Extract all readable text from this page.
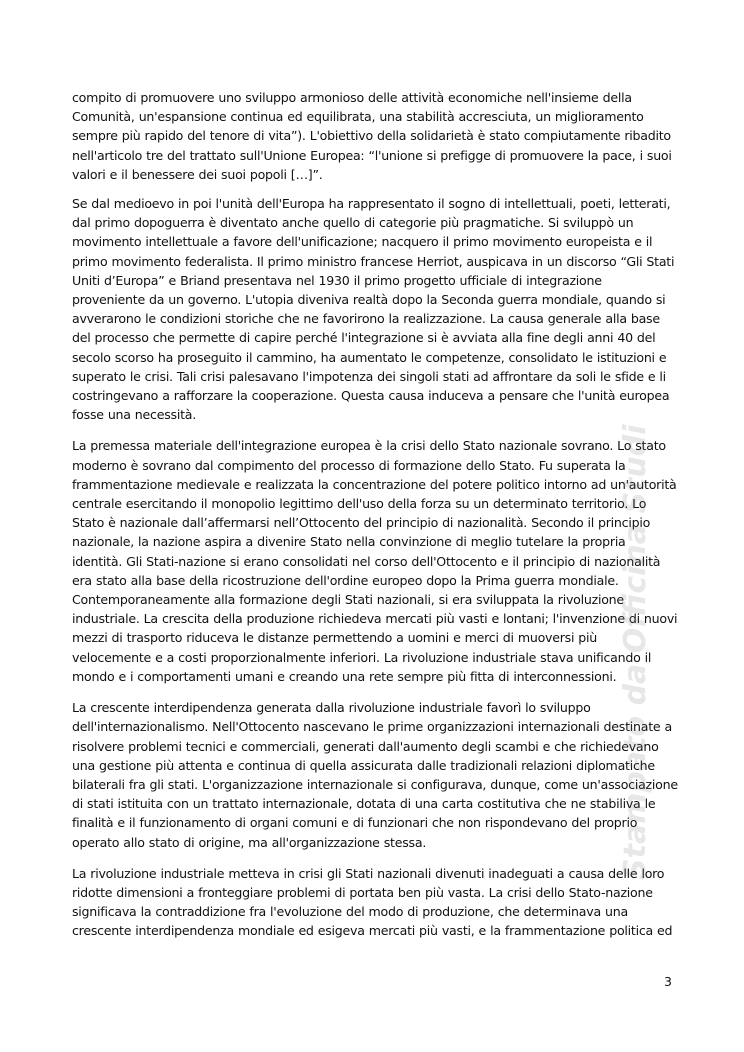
compito di promuovere uno sviluppo armonioso delle attività economiche nell'insieme della Comunità, un'espansione continua ed equilibrata, una stabilità accresciuta, un miglioramento sempre più rapido del tenore di vita”). L'obiettivo della solidarietà è stato compiutamente ribadito nell'articolo tre del trattato sull'Unione Europea: “l'unione si prefigge di promuovere la pace, i suoi valori e il benessere dei suoi popoli […]”.

Se dal medioevo in poi l'unità dell'Europa ha rappresentato il sogno di intellettuali, poeti, letterati, dal primo dopoguerra è diventato anche quello di categorie più pragmatiche. Si sviluppò un movimento intellettuale a favore dell'unificazione; nacquero il primo movimento europeista e il primo movimento federalista. Il primo ministro francese Herriot, auspicava in un discorso “Gli Stati Uniti d’Europa” e Briand presentava nel 1930 il primo progetto ufficiale di integrazione proveniente da un governo. L'utopia diveniva realtà dopo la Seconda guerra mondiale, quando si avverarono le condizioni storiche che ne favorirono la realizzazione. La causa generale alla base del processo che permette di capire perché l'integrazione si è avviata alla fine degli anni 40 del secolo scorso ha proseguito il cammino, ha aumentato le competenze, consolidato le istituzioni e superato le crisi. Tali crisi palesavano l'impotenza dei singoli stati ad affrontare da soli le sfide e li costringevano a rafforzare la cooperazione. Questa causa induceva a pensare che l'unità europea fosse una necessità.

La premessa materiale dell'integrazione europea è la crisi dello Stato nazionale sovrano. Lo stato moderno è sovrano dal compimento del processo di formazione dello Stato. Fu superata la frammentazione medievale e realizzata la concentrazione del potere politico intorno ad un'autorità centrale esercitando il monopolio legittimo dell'uso della forza su un determinato territorio. Lo Stato è nazionale dall’affermarsi nell’Ottocento del principio di nazionalità. Secondo il principio nazionale, la nazione aspira a divenire Stato nella convinzione di meglio tutelare la propria identità. Gli Stati-nazione si erano consolidati nel corso dell'Ottocento e il principio di nazionalità era stato alla base della ricostruzione dell'ordine europeo dopo la Prima guerra mondiale. Contemporaneamente alla formazione degli Stati nazionali, si era sviluppata la rivoluzione industriale. La crescita della produzione richiedeva mercati più vasti e lontani; l'invenzione di nuovi mezzi di trasporto riduceva le distanze permettendo a uomini e merci di muoversi più velocemente e a costi proporzionalmente inferiori. La rivoluzione industriale stava unificando il mondo e i comportamenti umani e creando una rete sempre più fitta di interconnessioni.

La crescente interdipendenza generata dalla rivoluzione industriale favorì lo sviluppo dell'internazionalismo. Nell'Ottocento nascevano le prime organizzazioni internazionali destinate a risolvere problemi tecnici e commerciali, generati dall'aumento degli scambi e che richiedevano una gestione più attenta e continua di quella assicurata dalle tradizionali relazioni diplomatiche bilaterali fra gli stati. L'organizzazione internazionale si configurava, dunque, come un'associazione di stati istituita con un trattato internazionale, dotata di una carta costitutiva che ne stabiliva le finalità e il funzionamento di organi comuni e di funzionari che non rispondevano del proprio operato allo stato di origine, ma all'organizzazione stessa.

La rivoluzione industriale metteva in crisi gli Stati nazionali divenuti inadeguati a causa delle loro ridotte dimensioni a fronteggiare problemi di portata ben più vasta. La crisi dello Stato-nazione significava la contraddizione fra l'evoluzione del modo di produzione, che determinava una crescente interdipendenza mondiale ed esigeva mercati più vasti, e la frammentazione politica ed

Stampato da Officina Studi
3
